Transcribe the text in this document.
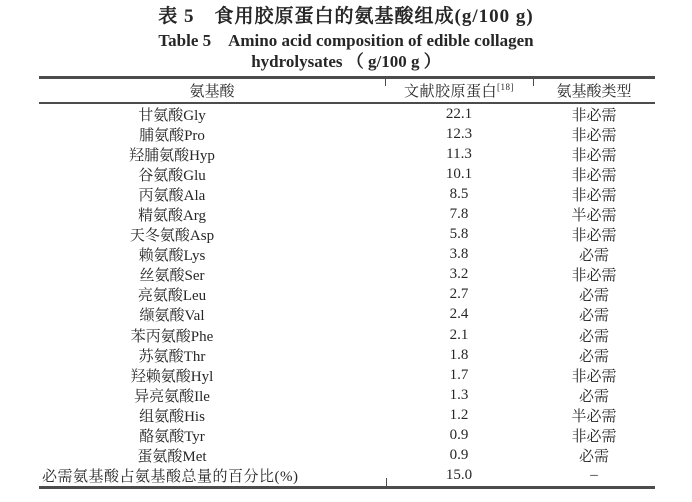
表 5　食用胶原蛋白的氨基酸组成(g/100 g)
Table 5　Amino acid composition of edible collagen
hydrolysates （ g/100 g ）
氨基酸	文献胶原蛋白[18]	氨基酸类型
甘氨酸Gly	22.1	非必需
脯氨酸Pro	12.3	非必需
羟脯氨酸Hyp	11.3	非必需
谷氨酸Glu	10.1	非必需
丙氨酸Ala	8.5	非必需
精氨酸Arg	7.8	半必需
天冬氨酸Asp	5.8	非必需
赖氨酸Lys	3.8	必需
丝氨酸Ser	3.2	非必需
亮氨酸Leu	2.7	必需
缬氨酸Val	2.4	必需
苯丙氨酸Phe	2.1	必需
苏氨酸Thr	1.8	必需
羟赖氨酸Hyl	1.7	非必需
异亮氨酸Ile	1.3	必需
组氨酸His	1.2	半必需
酪氨酸Tyr	0.9	非必需
蛋氨酸Met	0.9	必需
必需氨基酸占氨基酸总量的百分比(%)	15.0	–
